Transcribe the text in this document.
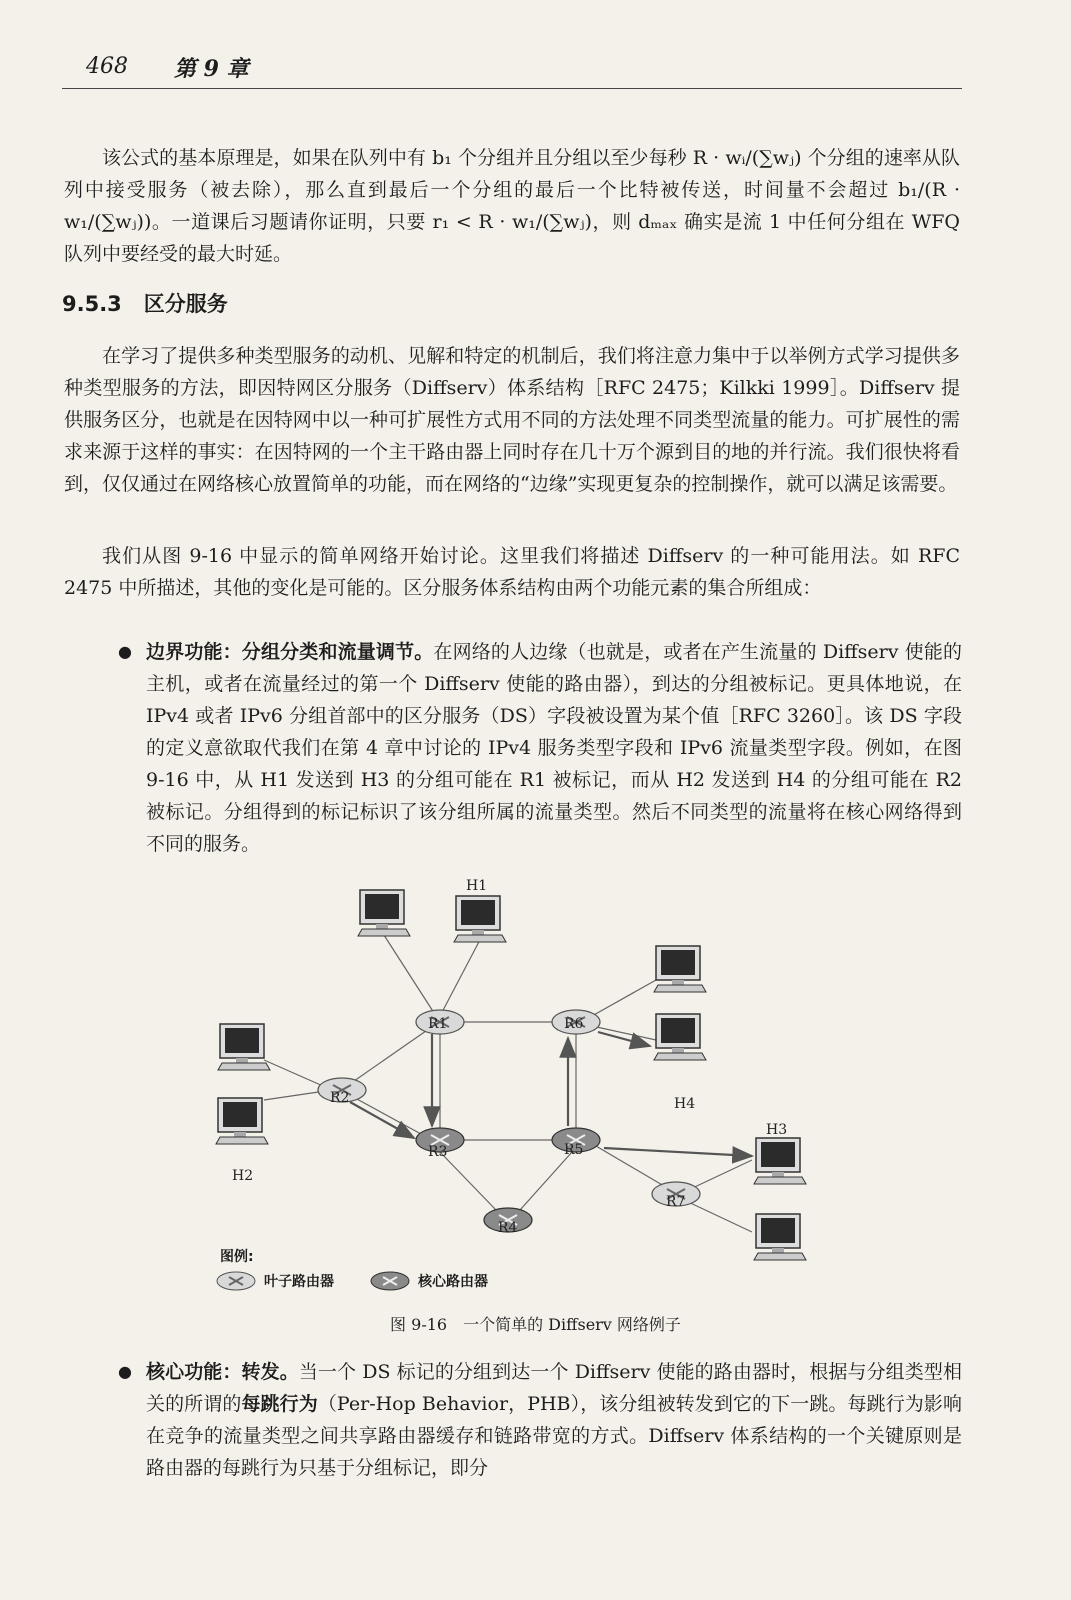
468 第 9 章

该公式的基本原理是，如果在队列中有 b₁ 个分组并且分组以至少每秒 R · wᵢ/(∑wⱼ) 个分组的速率从队列中接受服务（被去除），那么直到最后一个分组的最后一个比特被传送，时间量不会超过 b₁/(R · w₁/(∑wⱼ))。一道课后习题请你证明，只要 r₁ < R · w₁/(∑wⱼ)，则 dₘₐₓ 确实是流 1 中任何分组在 WFQ 队列中要经受的最大时延。

9.5.3 区分服务

在学习了提供多种类型服务的动机、见解和特定的机制后，我们将注意力集中于以举例方式学习提供多种类型服务的方法，即因特网区分服务（Diffserv）体系结构［RFC 2475；Kilkki 1999］。Diffserv 提供服务区分，也就是在因特网中以一种可扩展性方式用不同的方法处理不同类型流量的能力。可扩展性的需求来源于这样的事实：在因特网的一个主干路由器上同时存在几十万个源到目的地的并行流。我们很快将看到，仅仅通过在网络核心放置简单的功能，而在网络的“边缘”实现更复杂的控制操作，就可以满足该需要。

我们从图 9-16 中显示的简单网络开始讨论。这里我们将描述 Diffserv 的一种可能用法。如 RFC 2475 中所描述，其他的变化是可能的。区分服务体系结构由两个功能元素的集合所组成：

● 边界功能：分组分类和流量调节。在网络的人边缘（也就是，或者在产生流量的 Diffserv 使能的主机，或者在流量经过的第一个 Diffserv 使能的路由器），到达的分组被标记。更具体地说，在 IPv4 或者 IPv6 分组首部中的区分服务（DS）字段被设置为某个值［RFC 3260］。该 DS 字段的定义意欲取代我们在第 4 章中讨论的 IPv4 服务类型字段和 IPv6 流量类型字段。例如，在图 9-16 中，从 H1 发送到 H3 的分组可能在 R1 被标记，而从 H2 发送到 H4 的分组可能在 R2 被标记。分组得到的标记标识了该分组所属的流量类型。然后不同类型的流量将在核心网络得到不同的服务。

H1
H2
H3
H4
R1
R2
R3
R4
R5
R6
R7
图例:
叶子路由器	核心路由器
图 9-16　一个简单的 Diffserv 网络例子
● 核心功能：转发。当一个 DS 标记的分组到达一个 Diffserv 使能的路由器时，根据与分组类型相关的所谓的每跳行为（Per-Hop Behavior，PHB），该分组被转发到它的下一跳。每跳行为影响在竞争的流量类型之间共享路由器缓存和链路带宽的方式。Diffserv 体系结构的一个关键原则是路由器的每跳行为只基于分组标记，即分
